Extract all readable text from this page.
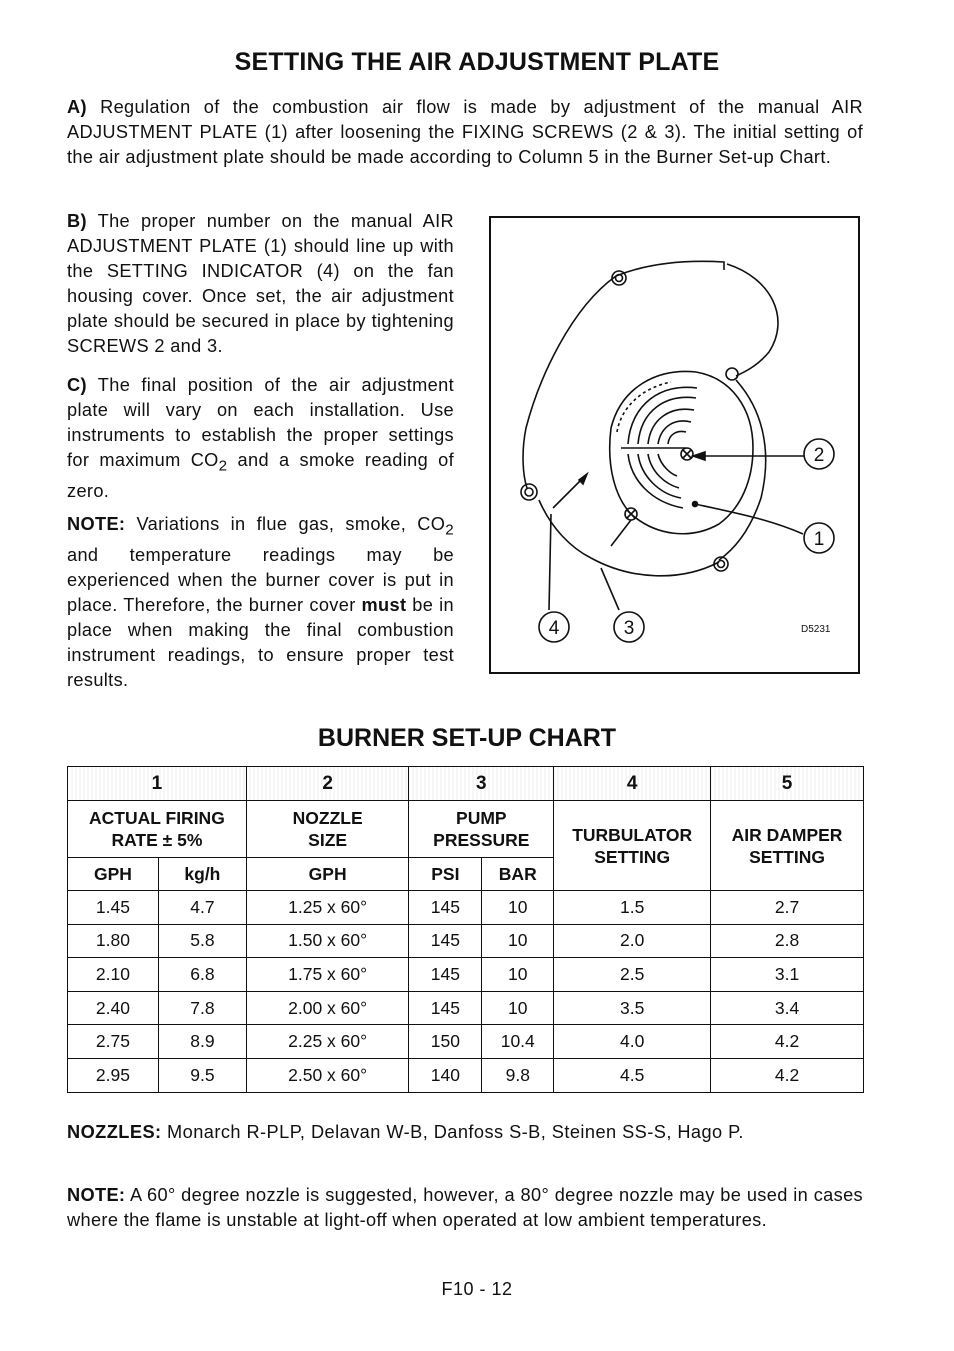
SETTING THE AIR ADJUSTMENT PLATE

A) Regulation of the combustion air flow is made by adjustment of the manual AIR ADJUSTMENT PLATE (1) after loosening the FIXING SCREWS (2 & 3). The initial setting of the air adjustment plate should be made according to Column 5 in the Burner Set-up Chart.

B) The proper number on the manual AIR ADJUSTMENT PLATE (1) should line up with the SETTING INDICATOR (4) on the fan housing cover. Once set, the air adjustment plate should be secured in place by tightening SCREWS 2 and 3.

C) The final position of the air adjustment plate will vary on each installation. Use instruments to establish the proper settings for maximum $CO_2$ and a smoke reading of zero.

NOTE: Variations in flue gas, smoke, $CO_2$ and temperature readings may be experienced when the burner cover is put in place. Therefore, the burner cover must be in place when making the final combustion instrument readings, to ensure proper test results.

2
1
4	3	D5231
BURNER SET-UP CHART
1		2	3		4	5

ACTUAL FIRING RATE ± 5%		NOZZLE SIZE	PUMP PRESSURE		TURBULATOR SETTING	AIR DAMPER SETTING

GPH	kg/h	GPH	PSI	BAR		
1.45	4.7	1.25 x 60°	145	10	1.5	2.7
1.80	5.8	1.50 x 60°	145	10	2.0	2.8
2.10	6.8	1.75 x 60°	145	10	2.5	3.1
2.40	7.8	2.00 x 60°	145	10	3.5	3.4
2.75	8.9	2.25 x 60°	150	10.4	4.0	4.2
2.95	9.5	2.50 x 60°	140	9.8	4.5	4.2

NOZZLES: Monarch R-PLP, Delavan W-B, Danfoss S-B, Steinen SS-S, Hago P.

NOTE: A 60° degree nozzle is suggested, however, a 80° degree nozzle may be used in cases where the flame is unstable at light-off when operated at low ambient temperatures.

F10 - 12
